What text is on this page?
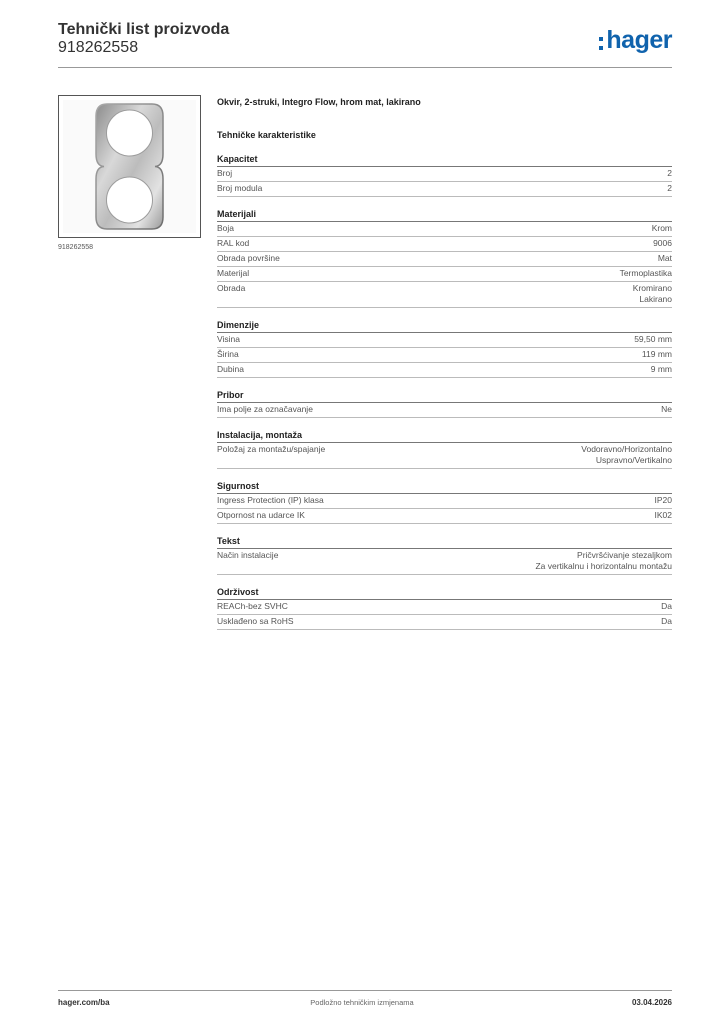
Tehnički list proizvoda
918262558	hager
918262558
Okvir, 2-struki, Integro Flow, hrom mat, lakirano
Tehničke karakteristike
Kapacitet
Broj	2
Broj modula	2
Materijali
Boja	Krom
RAL kod	9006
Obrada površine	Mat
Materijal	Termoplastika
Obrada	Kromirano
Lakirano
Dimenzije
Visina	59,50 mm
Širina	119 mm
Dubina	9 mm
Pribor
Ima polje za označavanje	Ne
Instalacija, montaža
Položaj za montažu/spajanje	Vodoravno/Horizontalno
Uspravno/Vertikalno
Sigurnost
Ingress Protection (IP) klasa	IP20
Otpornost na udarce IK	IK02
Tekst
Način instalacije	Pričvršćivanje stezaljkom
Za vertikalnu i horizontalnu montažu
Održivost
REACh-bez SVHC	Da
Usklađeno sa RoHS	Da
hager.com/ba	Podložno tehničkim izmjenama	03.04.2026
